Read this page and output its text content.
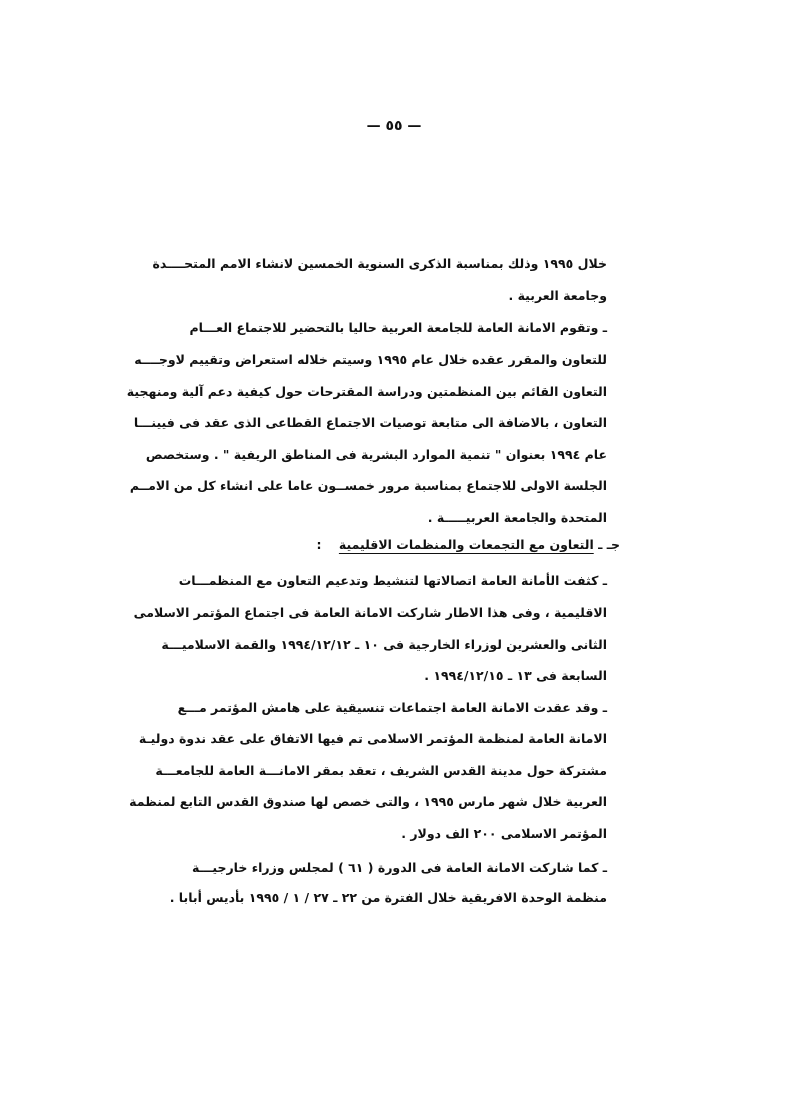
— ٥٥ —
خلال ١٩٩٥ وذلك بمناسبة الذكرى السنوية الخمسين لانشاء الامم المتحــــدة
وجامعة العربية .
ـ وتقوم الامانة العامة للجامعة العربية حاليا بالتحضير للاجتماع العـــام
للتعاون والمقرر عقده خلال عام ١٩٩٥ وسيتم خلاله استعراض وتقييم لاوجــــه
التعاون القائم بين المنظمتين ودراسة المقترحات حول كيفية دعم آلية ومنهجية
التعاون ، بالاضافة الى متابعة توصيات الاجتماع القطاعى الذى عقد فى فيينـــا
عام ١٩٩٤ بعنوان " تنمية الموارد البشرية فى المناطق الريفية " . وستخصص
الجلسة الاولى للاجتماع بمناسبة مرور خمســون عاما على انشاء كل من الامــم
المتحدة والجامعة العربيـــــة .
جـ ـ التعاون مع التجمعات والمنظمات الاقليمية    :
ـ كثفت الأمانة العامة اتصالاتها لتنشيط وتدعيم التعاون مع المنظمـــات
الاقليمية ، وفى هذا الاطار شاركت الامانة العامة فى اجتماع المؤتمر الاسلامى
الثانى والعشرين لوزراء الخارجية فى ١٠ ـ ١٩٩٤/١٢/١٢ والقمة الاسلاميـــة
السابعة فى ١٣ ـ ١٩٩٤/١٢/١٥ .
ـ وقد عقدت الامانة العامة اجتماعات تنسيقية على هامش المؤتمر مـــع
الامانة العامة لمنظمة المؤتمر الاسلامى تم فيها الاتفاق على عقد ندوة دوليـة
مشتركة حول مدينة القدس الشريف ، تعقد بمقر الامانـــة العامة للجامعـــة
العربية خلال شهر مارس ١٩٩٥ ، والتى خصص لها صندوق القدس التابع لمنظمة
المؤتمر الاسلامى ٢٠٠ الف دولار .
ـ كما شاركت الامانة العامة فى الدورة ( ٦١ ) لمجلس وزراء خارجيـــة
منظمة الوحدة الافريقية خلال الفترة من ٢٢ ـ ٢٧ / ١ / ١٩٩٥ بأديس أبابا .
